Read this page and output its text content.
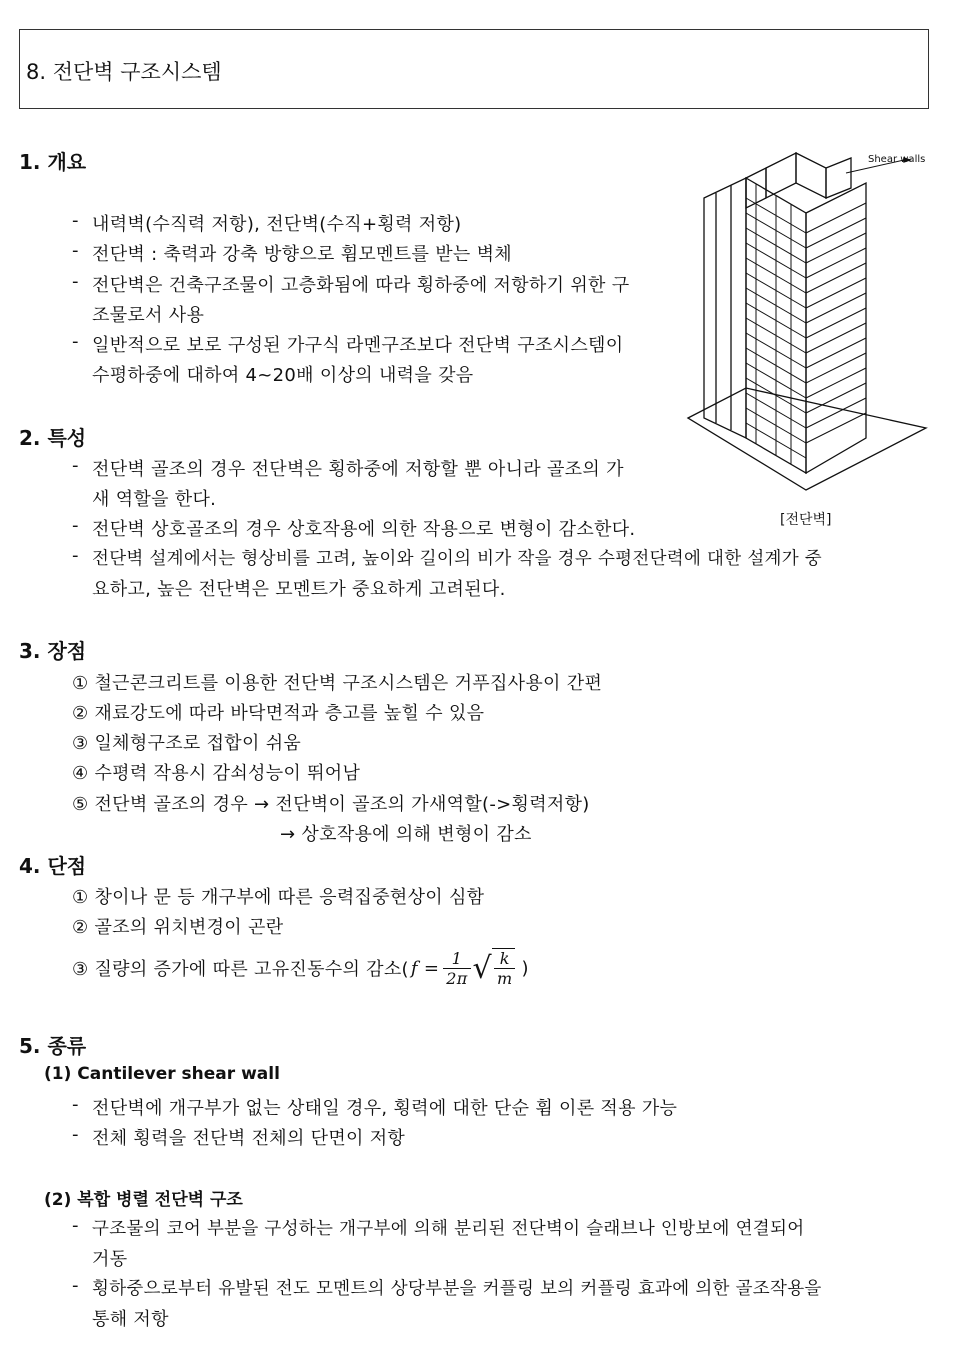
8. 전단벽 구조시스템
1. 개요
- 내력벽(수직력 저항), 전단벽(수직+횡력 저항)
- 전단벽 : 축력과 강축 방향으로 휨모멘트를 받는 벽체
- 전단벽은 건축구조물이 고층화됨에 따라 횡하중에 저항하기 위한 구
조물로서 사용
- 일반적으로 보로 구성된 가구식 라멘구조보다 전단벽 구조시스템이
수평하중에 대하여 4~20배 이상의 내력을 갖음
Shear walls
[전단벽]
2. 특성
- 전단벽 골조의 경우 전단벽은 횡하중에 저항할 뿐 아니라 골조의 가
새 역할을 한다.
- 전단벽 상호골조의 경우 상호작용에 의한 작용으로 변형이 감소한다.
- 전단벽 설계에서는 형상비를 고려, 높이와 길이의 비가 작을 경우 수평전단력에 대한 설계가 중
요하고, 높은 전단벽은 모멘트가 중요하게 고려된다.
3. 장점
① 철근콘크리트를 이용한 전단벽 구조시스템은 거푸집사용이 간편
② 재료강도에 따라 바닥면적과 층고를 높힐 수 있음
③ 일체형구조로 접합이 쉬움
④ 수평력 작용시 감쇠성능이 뛰어남
⑤ 전단벽 골조의 경우 → 전단벽이 골조의 가새역할(->횡력저항)
→ 상호작용에 의해 변형이 감소
4. 단점
① 창이나 문 등 개구부에 따른 응력집중현상이 심함
② 골조의 위치변경이 곤란
③ 질량의 증가에 따른 고유진동수의 감소( $f = \frac{1}{2\pi}$ √ $\frac{k}{m}$ )
5. 종류
(1) Cantilever shear wall
- 전단벽에 개구부가 없는 상태일 경우, 횡력에 대한 단순 휨 이론 적용 가능
- 전체 횡력을 전단벽 전체의 단면이 저항
(2) 복합 병렬 전단벽 구조
- 구조물의 코어 부분을 구성하는 개구부에 의해 분리된 전단벽이 슬래브나 인방보에 연결되어
거동
- 횡하중으로부터 유발된 전도 모멘트의 상당부분을 커플링 보의 커플링 효과에 의한 골조작용을
통해 저항
